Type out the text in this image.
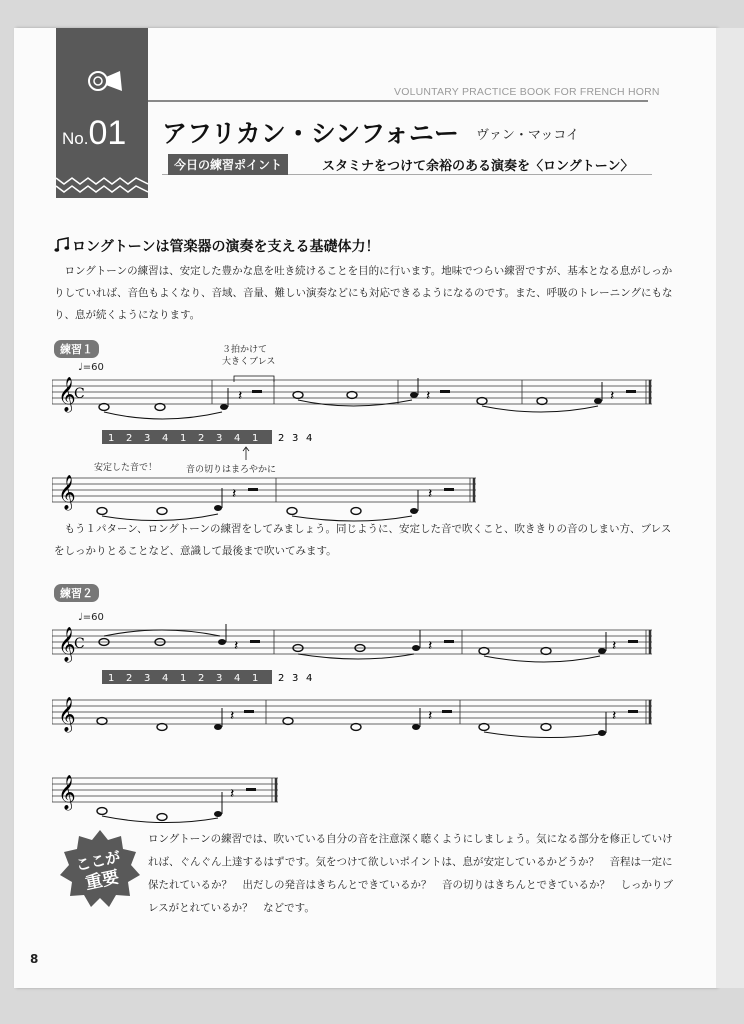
VOLUNTARY PRACTICE BOOK FOR FRENCH HORN
No.01 アフリカン・シンフォニー ヴァン・マッコイ
今日の練習ポイント	スタミナをつけて余裕のある演奏を〈ロングトーン〉
ロングトーンは管楽器の演奏を支える基礎体力！
ロングトーンの練習は、安定した豊かな息を吐き続けることを目的に行います。地味でつらい練習ですが、基本となる息がしっかりしていれば、音色もよくなり、音域、音量、難しい演奏などにも対応できるようになるのです。また、呼吸のトレーニングにもなり、息が続くようになります。
練習１	３拍かけて
大きくブレス
♩=60
𝄞
C	𝄽	𝄽	𝄽
1 2 3 4 1 2 3 4 1 2 3 4
安定した音で！	音の切りはまろやかに
𝄞	𝄽	𝄽
もう１パターン、ロングトーンの練習をしてみましょう。同じように、安定した音で吹くこと、吹ききりの音のしまい方、ブレスをしっかりとることなど、意識して最後まで吹いてみます。
練習２
♩=60
𝄞
C	𝄽	𝄽	𝄽
1 2 3 4 1 2 3 4 1 2 3 4
𝄞	𝄽	𝄽	𝄽
𝄞	𝄽
ここが
重要
ロングトーンの練習では、吹いている自分の音を注意深く聴くようにしましょう。気になる部分を修正していければ、ぐんぐん上達するはずです。気をつけて欲しいポイントは、息が安定しているかどうか？　音程は一定に保たれているか？　出だしの発音はきちんとできているか？　音の切りはきちんとできているか？　しっかりブレスがとれているか？　などです。
8
